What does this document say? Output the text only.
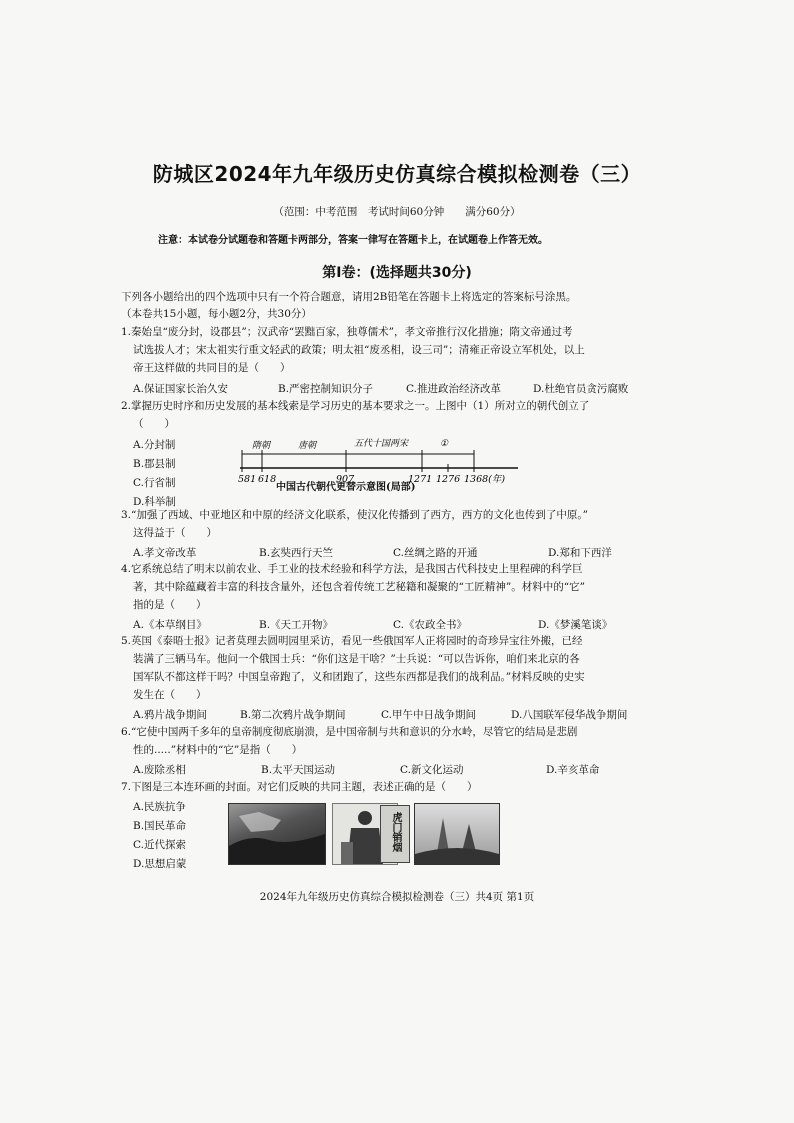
防城区2024年九年级历史仿真综合模拟检测卷（三）
（范围：中考范围　考试时间60分钟　　满分60分）
注意：本试卷分试题卷和答题卡两部分，答案一律写在答题卡上，在试题卷上作答无效。
第Ⅰ卷：(选择题共30分)
下列各小题给出的四个选项中只有一个符合题意，请用2B铅笔在答题卡上将选定的答案标号涂黑。
（本卷共15小题，每小题2分，共30分）
1.秦始皇“废分封，设郡县”；汉武帝“罢黜百家，独尊儒术”，孝文帝推行汉化措施；隋文帝通过考
试选拔人才；宋太祖实行重文轻武的政策；明太祖“废丞相，设三司”；清雍正帝设立军机处，以上
帝王这样做的共同目的是（　　）
A.保证国家长治久安	B.严密控制知识分子	C.推进政治经济改革	D.杜绝官员贪污腐败
2.掌握历史时序和历史发展的基本线索是学习历史的基本要求之一。上图中（1）所对立的朝代创立了
（　　）
A.分封制
B.郡县制
C.行省制
D.科举制
隋朝	唐朝	五代十国两宋	①
581 618	907	1271 1276 1368(年)
中国古代朝代更替示意图(局部)
3.“加强了西域、中亚地区和中原的经济文化联系，使汉化传播到了西方，西方的文化也传到了中原。”
这得益于（　　）
A.孝文帝改革	B.玄奘西行天竺	C.丝绸之路的开通	D.郑和下西洋
4.它系统总结了明末以前农业、手工业的技术经验和科学方法，是我国古代科技史上里程碑的科学巨
著，其中除蕴藏着丰富的科技含量外，还包含着传统工艺秘籍和凝聚的“工匠精神”。材料中的“它”
指的是（　　）
A.《本草纲目》	B.《天工开物》	C.《农政全书》	D.《梦溪笔谈》
5.英国《泰晤士报》记者莫理去圆明园里采访，看见一些俄国军人正将园时的奇珍异宝往外搬，已经
装满了三辆马车。他问一个俄国士兵：“你们这是干啥？”士兵说：“可以告诉你，咱们来北京的各
国军队不都这样干吗？中国皇帝跑了，义和团跑了，这些东西都是我们的战利品。”材料反映的史实
发生在（　　）
A.鸦片战争期间	B.第二次鸦片战争期间	C.甲午中日战争期间	D.八国联军侵华战争期间
6.“它使中国两千多年的皇帝制度彻底崩溃，是中国帝制与共和意识的分水岭，尽管它的结局是悲剧
性的.....”材料中的“它”是指（　　）
A.废除丞相	B.太平天国运动	C.新文化运动	D.辛亥革命
7.下图是三本连环画的封面。对它们反映的共同主题，表述正确的是（　　）
A.民族抗争
B.国民革命
C.近代探索
D.思想启蒙
虎门销烟
2024年九年级历史仿真综合模拟检测卷（三）共4页 第1页
